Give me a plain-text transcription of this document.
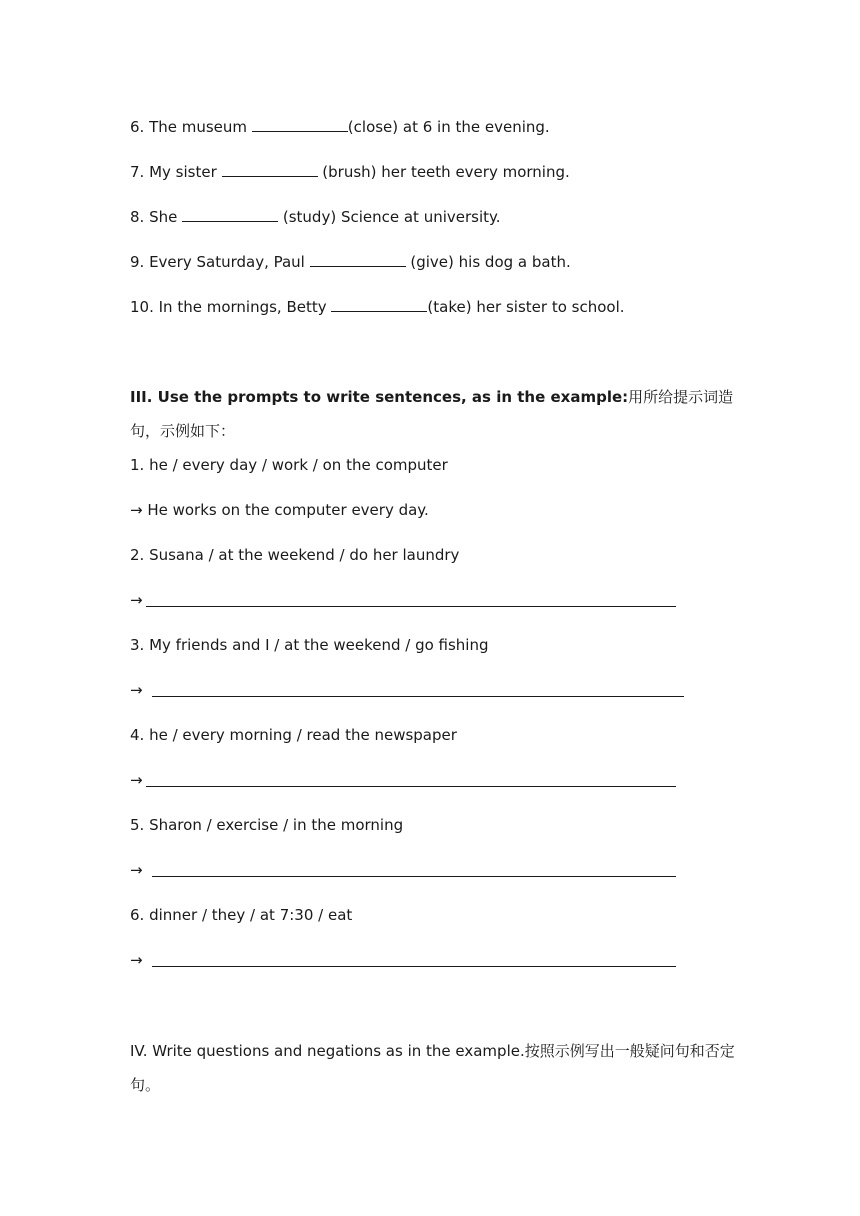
6. The museum	(close) at 6 in the evening.
7. My sister	(brush) her teeth every morning.
8. She	(study) Science at university.
9. Every Saturday, Paul	(give) his dog a bath.
10. In the mornings, Betty	(take) her sister to school.
III. Use the prompts to write sentences, as in the example:用所给提示词造句，示例如下：
1. he / every day / work / on the computer
→ He works on the computer every day.
2. Susana / at the weekend / do her laundry
→
3. My friends and I / at the weekend / go fishing
→
4. he / every morning / read the newspaper
→
5. Sharon / exercise / in the morning
→
6. dinner / they / at 7:30 / eat
→
IV. Write questions and negations as in the example.按照示例写出一般疑问句和否定句。
